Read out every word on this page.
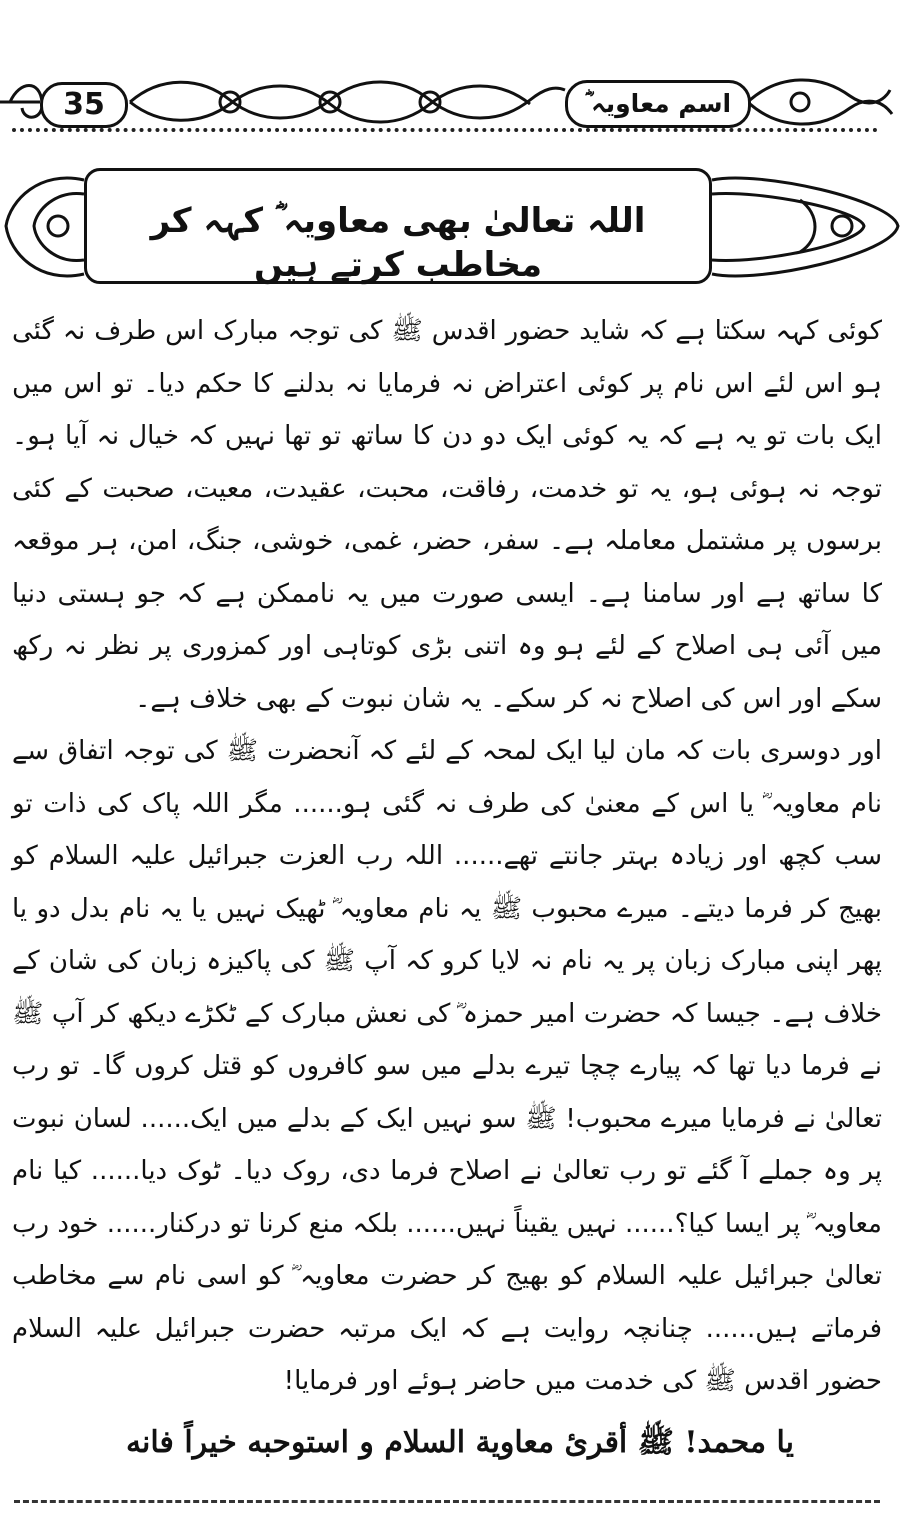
35	اسم معاویہ ؓ
اللہ تعالیٰ بھی معاویہ ؓ کہہ کر مخاطب کرتے ہیں

کوئی کہہ سکتا ہے کہ شاید حضور اقدس ﷺ کی توجہ مبارک اس طرف نہ گئی ہو اس لئے اس نام پر کوئی اعتراض نہ فرمایا نہ بدلنے کا حکم دیا۔ تو اس میں ایک بات تو یہ ہے کہ یہ کوئی ایک دو دن کا ساتھ تو تھا نہیں کہ خیال نہ آیا ہو۔ توجہ نہ ہوئی ہو، یہ تو خدمت، رفاقت، محبت، عقیدت، معیت، صحبت کے کئی برسوں پر مشتمل معاملہ ہے۔ سفر، حضر، غمی، خوشی، جنگ، امن، ہر موقعہ کا ساتھ ہے اور سامنا ہے۔ ایسی صورت میں یہ ناممکن ہے کہ جو ہستی دنیا میں آئی ہی اصلاح کے لئے ہو وہ اتنی بڑی کوتاہی اور کمزوری پر نظر نہ رکھ سکے اور اس کی اصلاح نہ کر سکے۔ یہ شان نبوت کے بھی خلاف ہے۔

اور دوسری بات کہ مان لیا ایک لمحہ کے لئے کہ آنحضرت ﷺ کی توجہ اتفاق سے نام معاویہ ؓ یا اس کے معنیٰ کی طرف نہ گئی ہو...... مگر اللہ پاک کی ذات تو سب کچھ اور زیادہ بہتر جانتے تھے...... اللہ رب العزت جبرائیل علیہ السلام کو بھیج کر فرما دیتے۔ میرے محبوب ﷺ یہ نام معاویہ ؓ ٹھیک نہیں یا یہ نام بدل دو یا پھر اپنی مبارک زبان پر یہ نام نہ لایا کرو کہ آپ ﷺ کی پاکیزہ زبان کی شان کے خلاف ہے۔ جیسا کہ حضرت امیر حمزہ ؓ کی نعش مبارک کے ٹکڑے دیکھ کر آپ ﷺ نے فرما دیا تھا کہ پیارے چچا تیرے بدلے میں سو کافروں کو قتل کروں گا۔ تو رب تعالیٰ نے فرمایا میرے محبوب! ﷺ سو نہیں ایک کے بدلے میں ایک...... لسان نبوت پر وہ جملے آ گئے تو رب تعالیٰ نے اصلاح فرما دی، روک دیا۔ ٹوک دیا...... کیا نام معاویہ ؓ پر ایسا کیا؟...... نہیں یقیناً نہیں...... بلکہ منع کرنا تو درکنار...... خود رب تعالیٰ جبرائیل علیہ السلام کو بھیج کر حضرت معاویہ ؓ کو اسی نام سے مخاطب فرماتے ہیں...... چنانچہ روایت ہے کہ ایک مرتبہ حضرت جبرائیل علیہ السلام حضور اقدس ﷺ کی خدمت میں حاضر ہوئے اور فرمایا!

یا محمد! ﷺ أقرئ معاویة السلام و استوحبه خیراً فانه
